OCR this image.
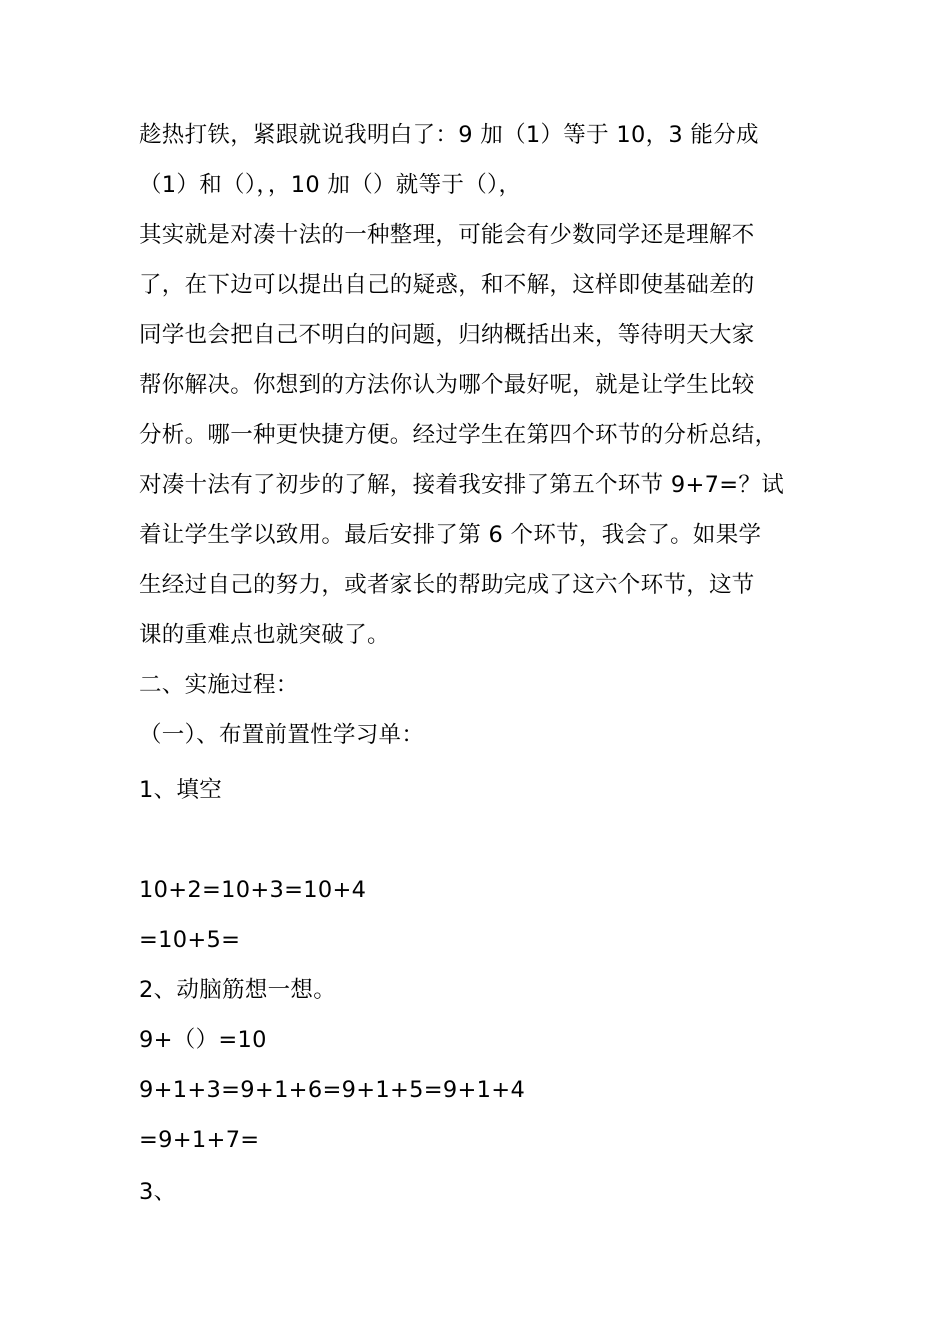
趁热打铁，紧跟就说我明白了：9 加（1）等于 10，3 能分成
（1）和（），，10 加（）就等于（），
其实就是对凑十法的一种整理，可能会有少数同学还是理解不
了，在下边可以提出自己的疑惑，和不解，这样即使基础差的
同学也会把自己不明白的问题，归纳概括出来，等待明天大家
帮你解决。你想到的方法你认为哪个最好呢，就是让学生比较
分析。哪一种更快捷方便。经过学生在第四个环节的分析总结，
对凑十法有了初步的了解，接着我安排了第五个环节 9+7=？试
着让学生学以致用。最后安排了第 6 个环节，我会了。如果学
生经过自己的努力，或者家长的帮助完成了这六个环节，这节
课的重难点也就突破了。
二、实施过程：
（一）、布置前置性学习单：
1、填空
10+2=10+3=10+4
=10+5=
2、动脑筋想一想。
9+（）=10
9+1+3=9+1+6=9+1+5=9+1+4
=9+1+7=
3、
